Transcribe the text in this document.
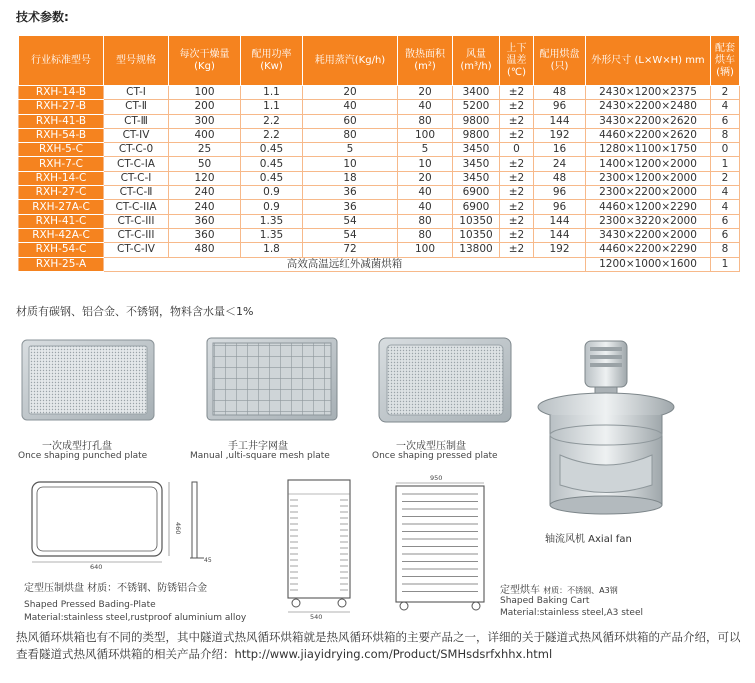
技术参数:
行业标准型号	型号规格	每次干燥量 (Kg)	配用功率 (Kw)	耗用蒸汽(Kg/h)	散热面积 (m²)	风量 (m³/h)	上下 温差 (℃)	配用烘盘 (只)	外形尺寸 (L×W×H) mm	配套 烘车 (辆)
RXH-14-B	CT-Ⅰ	100	1.1	20	20	3400	±2	48	2430×1200×2375	2
RXH-27-B	CT-Ⅱ	200	1.1	40	40	5200	±2	96	2430×2200×2480	4
RXH-41-B	CT-Ⅲ	300	2.2	60	80	9800	±2	144	3430×2200×2620	6
RXH-54-B	CT-IV	400	2.2	80	100	9800	±2	192	4460×2200×2620	8
RXH-5-C	CT-C-0	25	0.45	5	5	3450	0	16	1280×1100×1750	0
RXH-7-C	CT-C-IA	50	0.45	10	10	3450	±2	24	1400×1200×2000	1
RXH-14-C	CT-C-Ⅰ	120	0.45	18	20	3450	±2	48	2300×1200×2000	2
RXH-27-C	CT-C-Ⅱ	240	0.9	36	40	6900	±2	96	2300×2200×2000	4
RXH-27A-C	CT-C-IIA	240	0.9	36	40	6900	±2	96	4460×1200×2290	4
RXH-41-C	CT-C-III	360	1.35	54	80	10350	±2	144	2300×3220×2000	6
RXH-42A-C	CT-C-III	360	1.35	54	80	10350	±2	144	3430×2200×2000	6
RXH-54-C	CT-C-IV	480	1.8	72	100	13800	±2	192	4460×2200×2290	8
RXH-25-A	高效高温远红外减菌烘箱								1200×1000×1600	1
材质有碳钢、铝合金、不锈钢，物料含水量＜1%
一次成型打孔盘
Once shaping punched plate
手工井字网盘
Manual ,ulti-square mesh plate
一次成型压制盘
Once shaping pressed plate
轴流风机 Axial fan
640
460
45
定型压制烘盘 材质：不锈钢、防锈铝合金
Shaped Pressed Bading-Plate
Material:stainless steel,rustproof aluminium alloy	540
950
定型烘车 材质：不锈钢、A3钢
Shaped Baking Cart
Material:stainless steel,A3 steel
热风循环烘箱也有不同的类型，其中隧道式热风循环烘箱就是热风循环烘箱的主要产品之一，详细的关于隧道式热风循环烘箱的产品介绍，可以查看隧道式热风循环烘箱的相关产品介绍：http://www.jiayidrying.com/Product/SMHsdsrfxhhx.html
